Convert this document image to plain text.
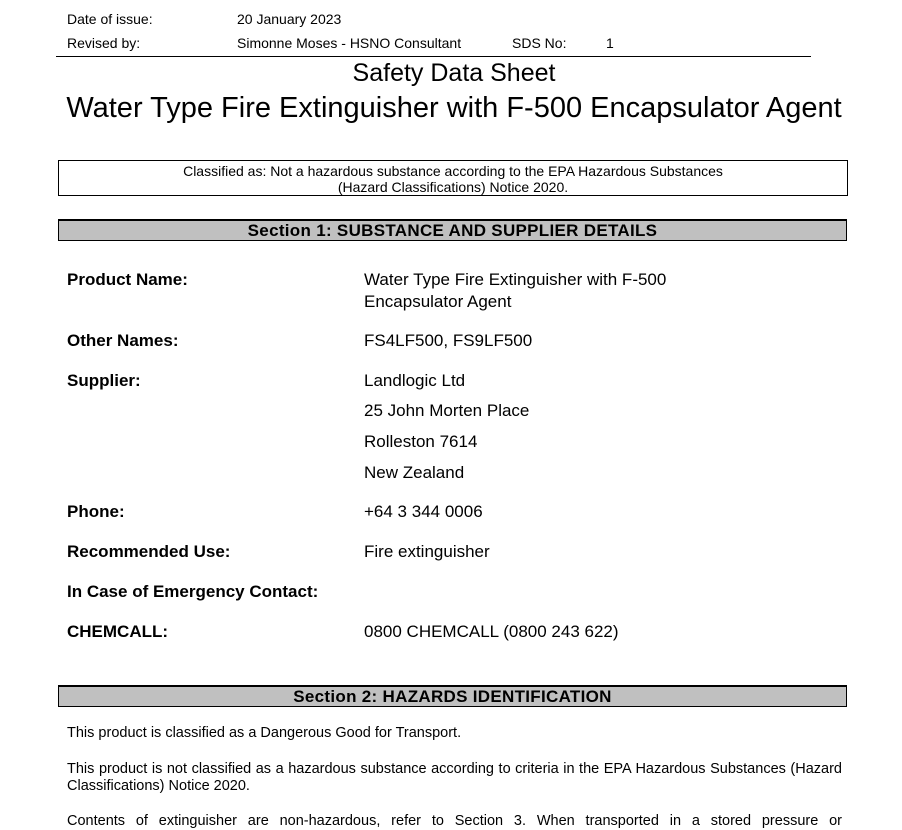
Date of issue:	20 January 2023
Revised by:	Simonne Moses - HSNO Consultant	SDS No:	1
Safety Data Sheet
Water Type Fire Extinguisher with F-500 Encapsulator Agent
Classified as: Not a hazardous substance according to the EPA Hazardous Substances
(Hazard Classifications) Notice 2020.
Section 1: SUBSTANCE AND SUPPLIER DETAILS
Product Name:	Water Type Fire Extinguisher with F-500
Encapsulator Agent
Other Names:	FS4LF500, FS9LF500
Supplier:	Landlogic Ltd
25 John Morten Place
Rolleston 7614
New Zealand
Phone:	+64 3 344 0006
Recommended Use:	Fire extinguisher
In Case of Emergency Contact:
CHEMCALL:	0800 CHEMCALL (0800 243 622)
Section 2: HAZARDS IDENTIFICATION
This product is classified as a Dangerous Good for Transport.
This product is not classified as a hazardous substance according to criteria in the EPA Hazardous Substances (Hazard Classifications) Notice 2020.
Contents of extinguisher are non-hazardous, refer to Section 3. When transported in a stored pressure or
